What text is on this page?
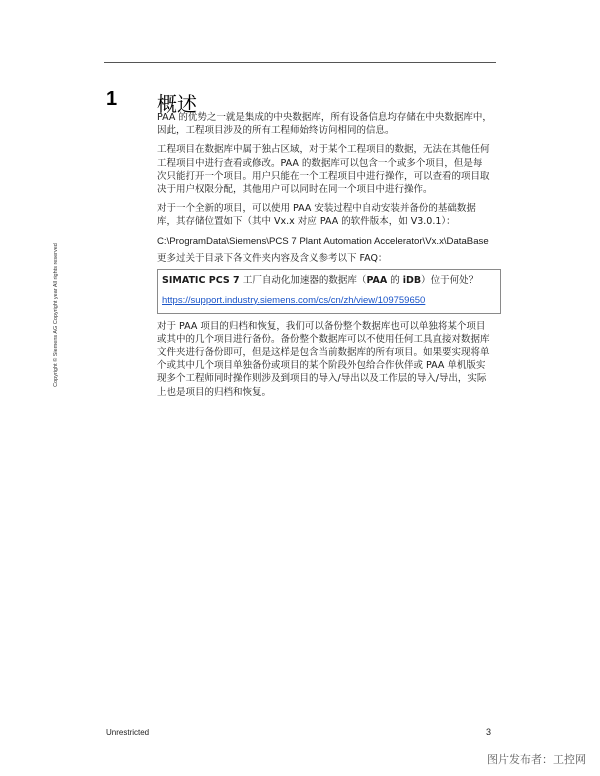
1 概述

PAA 的优势之一就是集成的中央数据库，所有设备信息均存储在中央数据库中，
因此，工程项目涉及的所有工程师始终访问相同的信息。

工程项目在数据库中属于独占区域，对于某个工程项目的数据，无法在其他任何
工程项目中进行查看或修改。PAA 的数据库可以包含一个或多个项目，但是每
次只能打开一个项目。用户只能在一个工程项目中进行操作，可以查看的项目取
决于用户权限分配，其他用户可以同时在同一个项目中进行操作。

对于一个全新的项目，可以使用 PAA 安装过程中自动安装并备份的基础数据
库，其存储位置如下（其中 Vx.x 对应 PAA 的软件版本，如 V3.0.1）：

C:\ProgramData\Siemens\PCS 7 Plant Automation Accelerator\Vx.x\DataBase
更多过关于目录下各文件夹内容及含义参考以下 FAQ：
SIMATIC PCS 7 工厂自动化加速器的数据库（PAA 的 iDB）位于何处？
https://support.industry.siemens.com/cs/cn/zh/view/109759650

对于 PAA 项目的归档和恢复，我们可以备份整个数据库也可以单独将某个项目
或其中的几个项目进行备份。备份整个数据库可以不使用任何工具直接对数据库
文件夹进行备份即可，但是这样是包含当前数据库的所有项目。如果要实现将单
个或其中几个项目单独备份或项目的某个阶段外包给合作伙伴或 PAA 单机版实
现多个工程师同时操作则涉及到项目的导入/导出以及工作层的导入/导出，实际
上也是项目的归档和恢复。

Copyright © Siemens AG Copyright year All rights reserved
Unrestricted	3
图片发布者：工控网
